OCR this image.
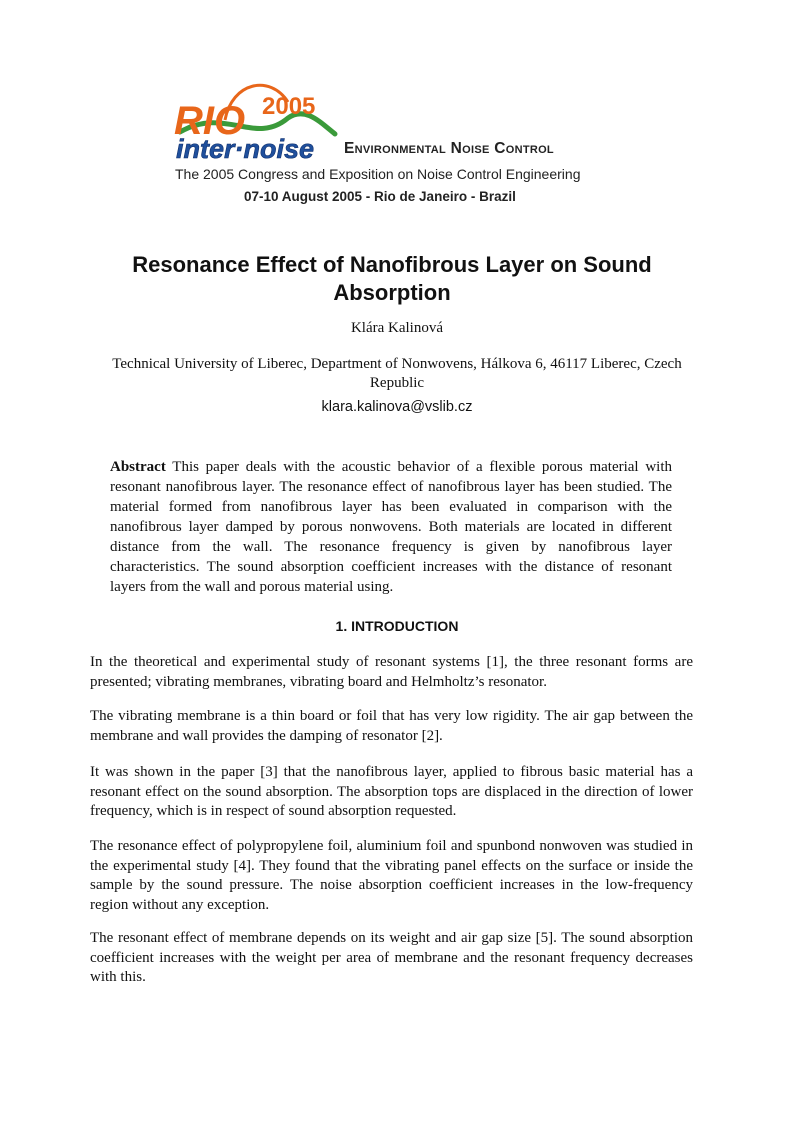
RIO 2005
inter·noise Environmental Noise Control
The 2005 Congress and Exposition on Noise Control Engineering
07-10 August 2005 - Rio de Janeiro - Brazil
Resonance Effect of Nanofibrous Layer on Sound Absorption
Klára Kalinová
Technical University of Liberec, Department of Nonwovens, Hálkova 6, 46117 Liberec, Czech Republic
klara.kalinova@vslib.cz
Abstract This paper deals with the acoustic behavior of a flexible porous material with resonant nanofibrous layer. The resonance effect of nanofibrous layer has been studied. The material formed from nanofibrous layer has been evaluated in comparison with the nanofibrous layer damped by porous nonwovens. Both materials are located in different distance from the wall. The resonance frequency is given by nanofibrous layer characteristics. The sound absorption coefficient increases with the distance of resonant layers from the wall and porous material using.
1. INTRODUCTION

In the theoretical and experimental study of resonant systems [1], the three resonant forms are presented; vibrating membranes, vibrating board and Helmholtz’s resonator.

The vibrating membrane is a thin board or foil that has very low rigidity. The air gap between the membrane and wall provides the damping of resonator [2].

It was shown in the paper [3] that the nanofibrous layer, applied to fibrous basic material has a resonant effect on the sound absorption. The absorption tops are displaced in the direction of lower frequency, which is in respect of sound absorption requested.

The resonance effect of polypropylene foil, aluminium foil and spunbond nonwoven was studied in the experimental study [4]. They found that the vibrating panel effects on the surface or inside the sample by the sound pressure. The noise absorption coefficient increases in the low-frequency region without any exception.

The resonant effect of membrane depends on its weight and air gap size [5]. The sound absorption coefficient increases with the weight per area of membrane and the resonant frequency decreases with this.
